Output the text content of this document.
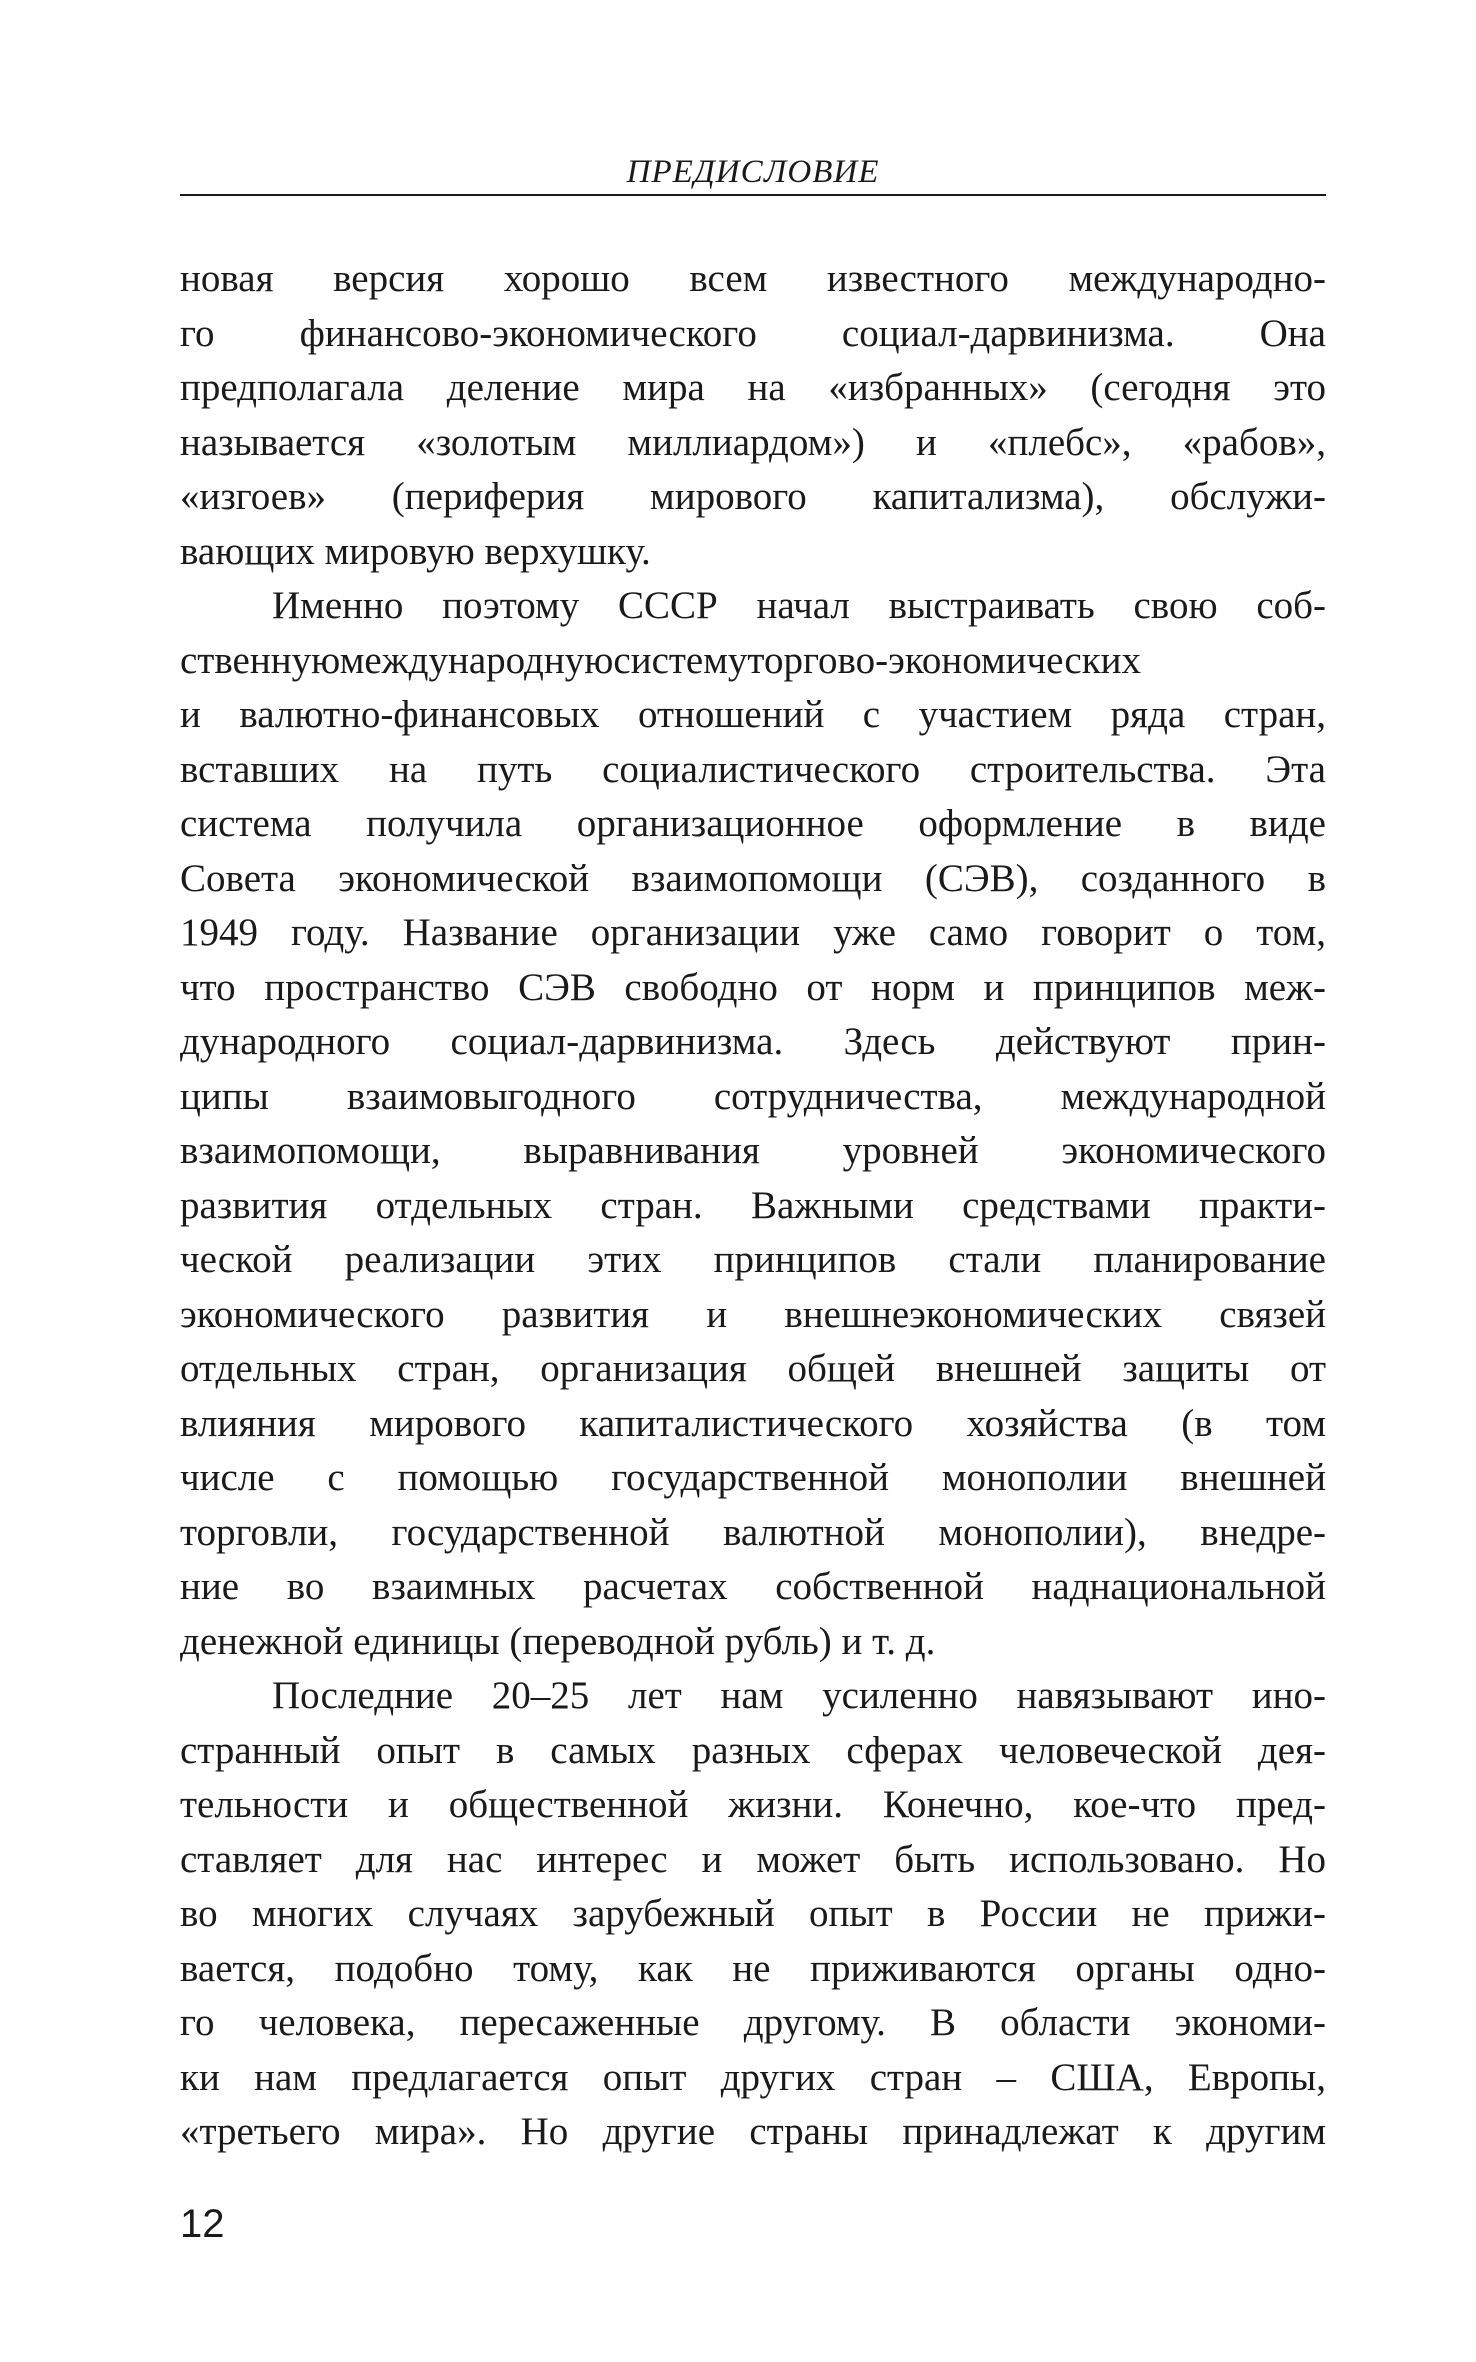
ПРЕДИСЛОВИЕ
новая версия хорошо всем известного международно-
го финансово-экономического социал-дарвинизма. Она
предполагала деление мира на «избранных» (сегодня это
называется «золотым миллиардом») и «плебс», «рабов»,
«изгоев» (периферия мирового капитализма), обслужи-
вающих мировую верхушку.
Именно поэтому СССР начал выстраивать свою соб-
ственнуюмеждународнуюсистемуторгово-экономических
и валютно-финансовых отношений с участием ряда стран,
вставших на путь социалистического строительства. Эта
система получила организационное оформление в виде
Совета экономической взаимопомощи (СЭВ), созданного в
1949 году. Название организации уже само говорит о том,
что пространство СЭВ свободно от норм и принципов меж-
дународного социал-дарвинизма. Здесь действуют прин-
ципы взаимовыгодного сотрудничества, международной
взаимопомощи, выравнивания уровней экономического
развития отдельных стран. Важными средствами практи-
ческой реализации этих принципов стали планирование
экономического развития и внешнеэкономических связей
отдельных стран, организация общей внешней защиты от
влияния мирового капиталистического хозяйства (в том
числе с помощью государственной монополии внешней
торговли, государственной валютной монополии), внедре-
ние во взаимных расчетах собственной наднациональной
денежной единицы (переводной рубль) и т. д.
Последние 20–25 лет нам усиленно навязывают ино-
странный опыт в самых разных сферах человеческой дея-
тельности и общественной жизни. Конечно, кое-что пред-
ставляет для нас интерес и может быть использовано. Но
во многих случаях зарубежный опыт в России не прижи-
вается, подобно тому, как не приживаются органы одно-
го человека, пересаженные другому. В области экономи-
ки нам предлагается опыт других стран – США, Европы,
«третьего мира». Но другие страны принадлежат к другим
12
